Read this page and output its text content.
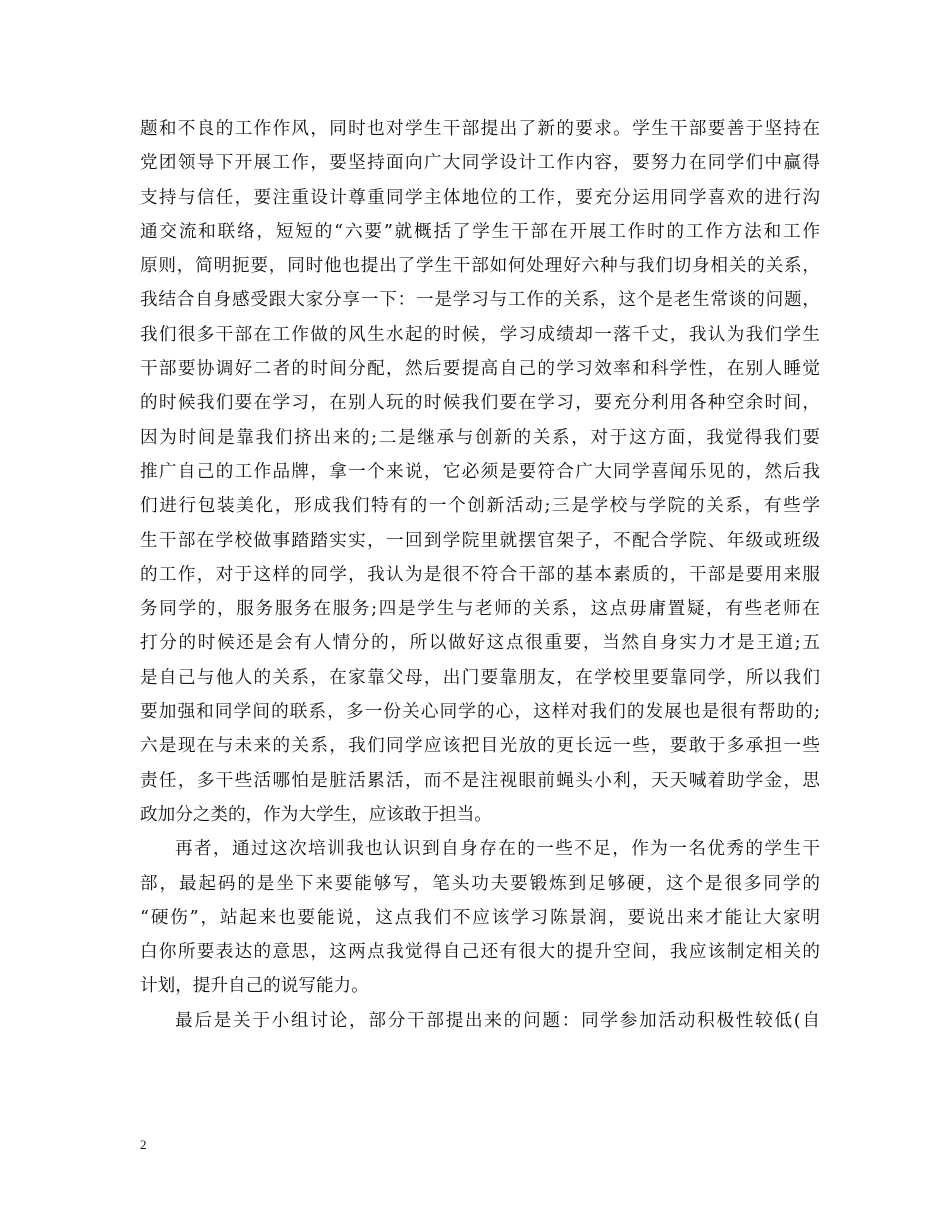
题和不良的工作作风，同时也对学生干部提出了新的要求。学生干部要善于坚持在
党团领导下开展工作，要坚持面向广大同学设计工作内容，要努力在同学们中赢得
支持与信任，要注重设计尊重同学主体地位的工作，要充分运用同学喜欢的进行沟
通交流和联络，短短的“六要”就概括了学生干部在开展工作时的工作方法和工作
原则，简明扼要，同时他也提出了学生干部如何处理好六种与我们切身相关的关系，
我结合自身感受跟大家分享一下：一是学习与工作的关系，这个是老生常谈的问题，
我们很多干部在工作做的风生水起的时候，学习成绩却一落千丈，我认为我们学生
干部要协调好二者的时间分配，然后要提高自己的学习效率和科学性，在别人睡觉
的时候我们要在学习，在别人玩的时候我们要在学习，要充分利用各种空余时间，
因为时间是靠我们挤出来的;二是继承与创新的关系，对于这方面，我觉得我们要
推广自己的工作品牌，拿一个来说，它必须是要符合广大同学喜闻乐见的，然后我
们进行包装美化，形成我们特有的一个创新活动;三是学校与学院的关系，有些学
生干部在学校做事踏踏实实，一回到学院里就摆官架子，不配合学院、年级或班级
的工作，对于这样的同学，我认为是很不符合干部的基本素质的，干部是要用来服
务同学的，服务服务在服务;四是学生与老师的关系，这点毋庸置疑，有些老师在
打分的时候还是会有人情分的，所以做好这点很重要，当然自身实力才是王道;五
是自己与他人的关系，在家靠父母，出门要靠朋友，在学校里要靠同学，所以我们
要加强和同学间的联系，多一份关心同学的心，这样对我们的发展也是很有帮助的;
六是现在与未来的关系，我们同学应该把目光放的更长远一些，要敢于多承担一些
责任，多干些活哪怕是脏活累活，而不是注视眼前蝇头小利，天天喊着助学金，思
政加分之类的，作为大学生，应该敢于担当。
再者，通过这次培训我也认识到自身存在的一些不足，作为一名优秀的学生干
部，最起码的是坐下来要能够写，笔头功夫要锻炼到足够硬，这个是很多同学的
“硬伤”，站起来也要能说，这点我们不应该学习陈景润，要说出来才能让大家明
白你所要表达的意思，这两点我觉得自己还有很大的提升空间，我应该制定相关的
计划，提升自己的说写能力。
最后是关于小组讨论，部分干部提出来的问题：同学参加活动积极性较低(自
2
